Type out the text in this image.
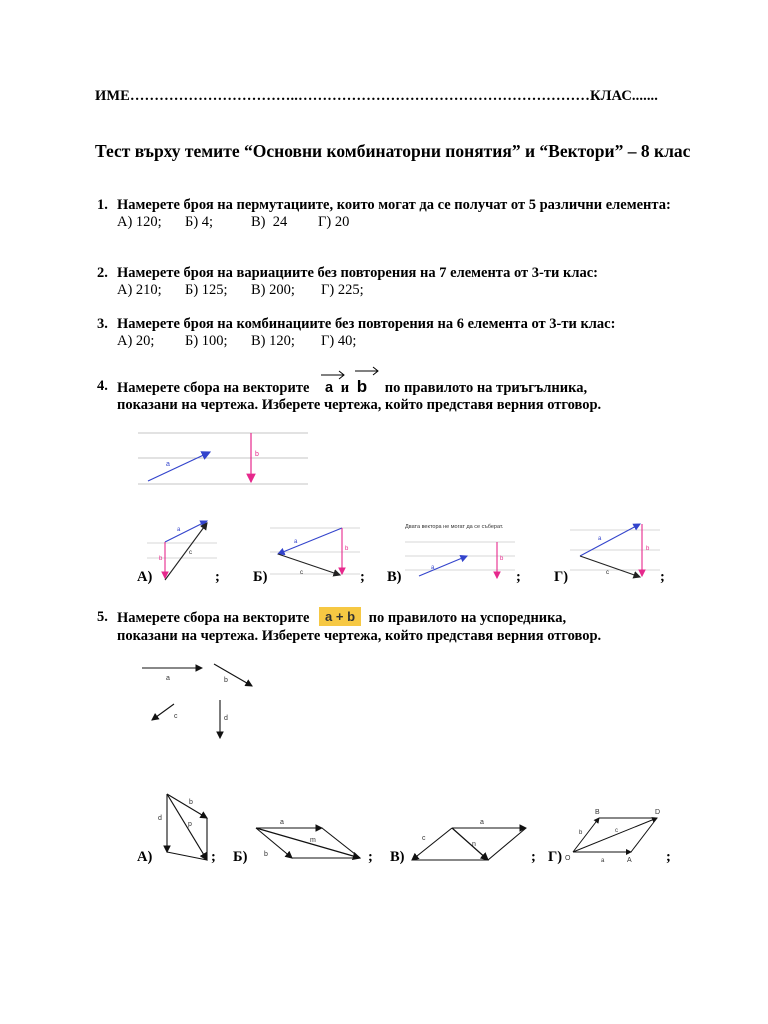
ИМЕ……………………………..……………………………………………………КЛАС.......
Тест върху темите “Основни комбинаторни понятия” и “Вектори” – 8 клас
1. Намерете броя на пермутациите, които могат да се получат от 5 различни елемента:
А) 120; Б) 4;	В)  24 Г) 20
2. Намерете броя на вариациите без повторения на 7 елемента от 3-ти клас:
А) 210; Б) 125; В) 200; Г) 225;
3. Намерете броя на комбинациите без повторения на 6 елемента от 3-ти клас:
А) 20; Б) 100; В) 120; Г) 40;
4. Намерете сбора на векторите a и b по правилото на триъгълника,
показани на чертежа. Изберете чертежа, който представя верния отговор.
a
b
a
b
c
a
b
c
Двата вектора не могат да се съберат.
a
b
a
b
c
А)	; Б)	; В)	; Г)	;
5. Намерете сбора на векторите a + b по правилото на успоредника,
показани на чертежа. Изберете чертежа, който представя верния отговор.
a	b
c	d
d
b
p	a
b
m	c
a
n
O	A
B	D
a
b	c
А)	; Б)	; В)	; Г)	;
